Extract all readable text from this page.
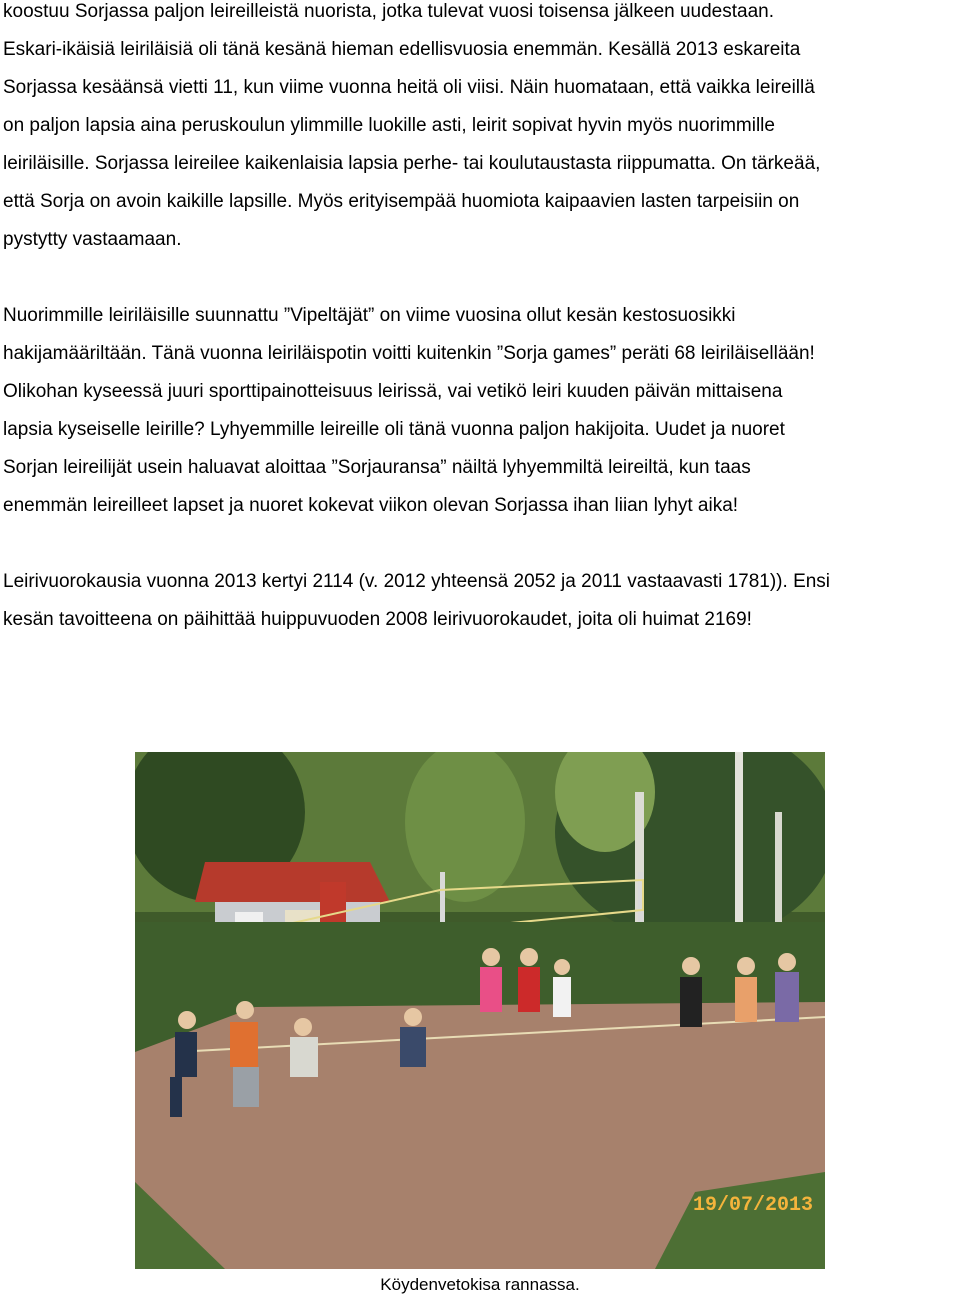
koostuu Sorjassa paljon leireilleistä nuorista, jotka tulevat vuosi toisensa jälkeen uudestaan.

Eskari-ikäisiä leiriläisiä oli tänä kesänä hieman edellisvuosia enemmän. Kesällä 2013 eskareita

Sorjassa kesäänsä vietti 11, kun viime vuonna heitä oli viisi. Näin huomataan, että vaikka leireillä

on paljon lapsia aina peruskoulun ylimmille luokille asti, leirit sopivat hyvin myös nuorimmille

leiriläisille. Sorjassa leireilee kaikenlaisia lapsia perhe- tai koulutaustasta riippumatta. On tärkeää,

että Sorja on avoin kaikille lapsille. Myös erityisempää huomiota kaipaavien lasten tarpeisiin on

pystytty vastaamaan.

Nuorimmille leiriläisille suunnattu ”Vipeltäjät” on viime vuosina ollut kesän kestosuosikki

hakijamääriltään. Tänä vuonna leiriläispotin voitti kuitenkin ”Sorja games” peräti 68 leiriläisellään!

Olikohan kyseessä juuri sporttipainotteisuus leirissä, vai vetikö leiri kuuden päivän mittaisena

lapsia kyseiselle leirille? Lyhyemmille leireille oli tänä vuonna paljon hakijoita. Uudet ja nuoret

Sorjan leireilijät usein haluavat aloittaa ”Sorjauransa” näiltä lyhyemmiltä leireiltä, kun taas

enemmän leireilleet lapset ja nuoret kokevat viikon olevan Sorjassa ihan liian lyhyt aika!

Leirivuorokausia vuonna 2013 kertyi 2114 (v. 2012 yhteensä 2052 ja 2011 vastaavasti 1781)). Ensi

kesän tavoitteena on päihittää huippuvuoden 2008 leirivuorokaudet, joita oli huimat 2169!

19/07/2013
Köydenvetokisa rannassa.
